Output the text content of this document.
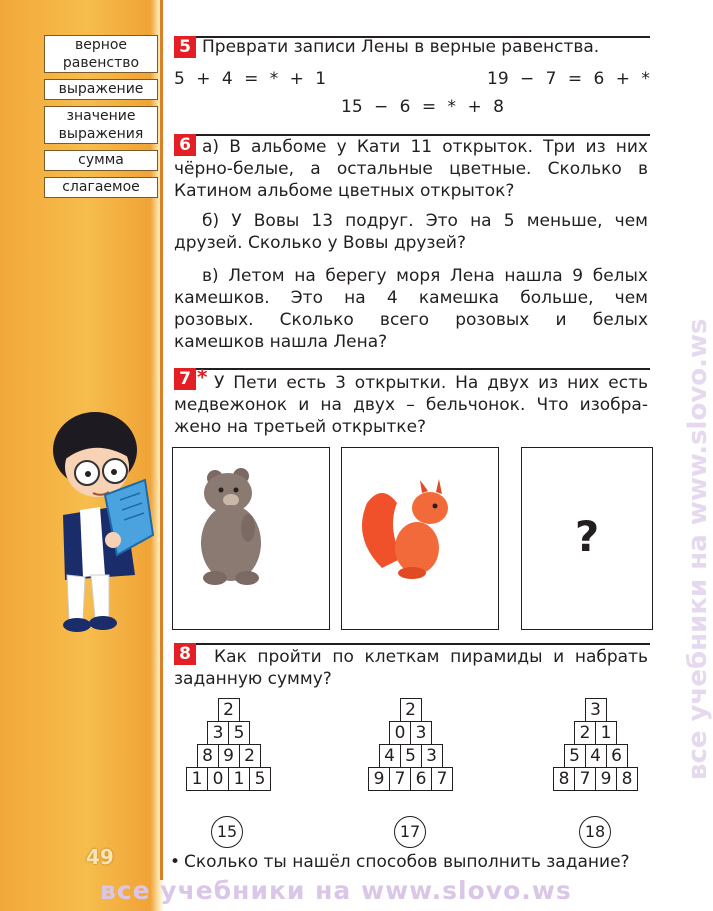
верное равенство
выражение
значение выражения
сумма
слагаемое
49
5 Преврати записи Лены в верные равенства.
5 + 4 = * + 1	19 − 7 = 6 + *
15 − 6 = * + 8
6 а) В альбоме у Кати 11 открыток. Три из них
чёрно-белые, а остальные цветные. Сколько в
Катином альбоме цветных открыток?
б) У Вовы 13 подруг. Это на 5 меньше, чем
друзей. Сколько у Вовы друзей?
в) Летом на берегу моря Лена нашла 9 белых
камешков. Это на 4 камешка больше, чем
розовых. Сколько всего розовых и белых
камешков нашла Лена?
7 * У Пети есть 3 открытки. На двух из них есть
медвежонок и на двух – бельчонок. Что изобра-
жено на третьей открытке?
?
8 Как пройти по клеткам пирамиды и набрать
заданную сумму?
2
3 5
8 9 2
1 0 1 5
2
0 3
4 5 3
9 7 6 7
3
2 1
5 4 6
8 7 9 8
15	17	18
• Сколько ты нашёл способов выполнить задание?
все учебники на www.slovo.ws
все учебники на www.slovo.ws
